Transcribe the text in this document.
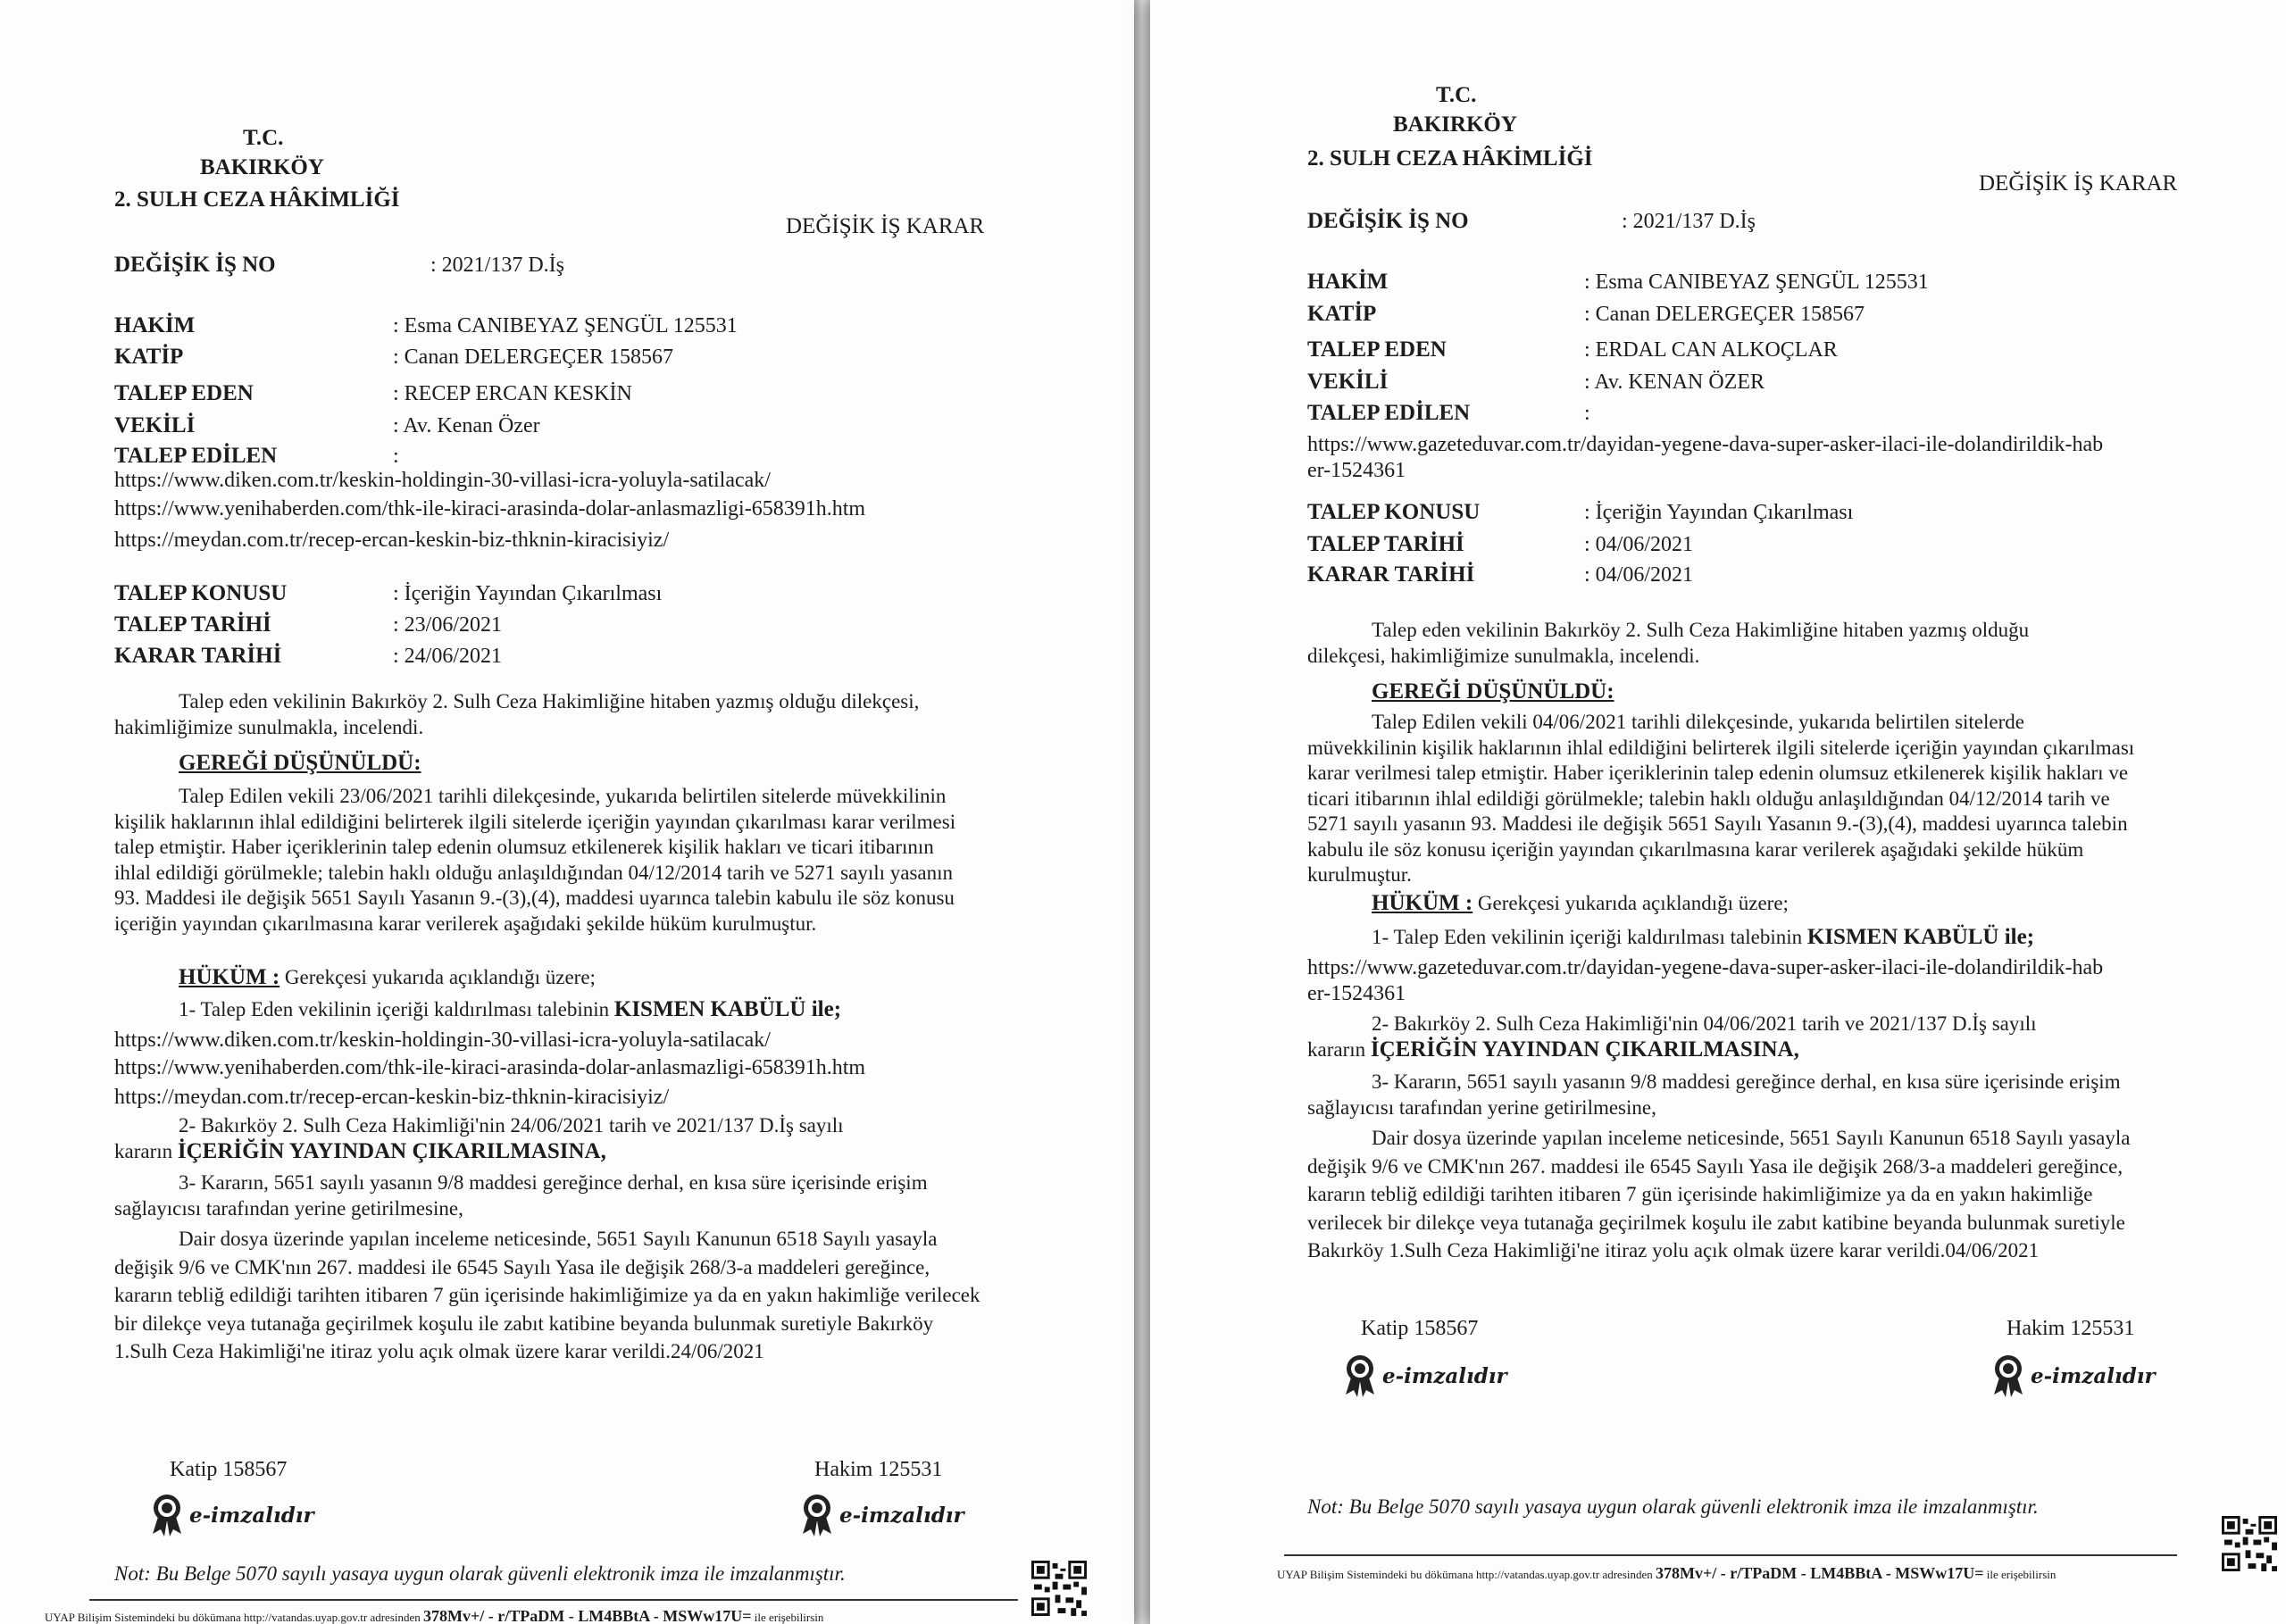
T.C.
BAKIRKÖY
2. SULH CEZA HÂKİMLİĞİ
DEĞİŞİK İŞ KARAR
DEĞİŞİK İŞ NO	: 2021/137 D.İş
HAKİM	: Esma CANIBEYAZ ŞENGÜL 125531
KATİP	: Canan DELERGEÇER 158567
TALEP EDEN	: RECEP ERCAN KESKİN
VEKİLİ	: Av. Kenan Özer
TALEP EDİLEN	:
https://www.diken.com.tr/keskin-holdingin-30-villasi-icra-yoluyla-satilacak/
https://www.yenihaberden.com/thk-ile-kiraci-arasinda-dolar-anlasmazligi-658391h.htm
https://meydan.com.tr/recep-ercan-keskin-biz-thknin-kiracisiyiz/
TALEP KONUSU	: İçeriğin Yayından Çıkarılması
TALEP TARİHİ	: 23/06/2021
KARAR TARİHİ	: 24/06/2021
Talep eden vekilinin Bakırköy 2. Sulh Ceza Hakimliğine hitaben yazmış olduğu dilekçesi, hakimliğimize sunulmakla, incelendi.
GEREĞİ DÜŞÜNÜLDÜ:
Talep Edilen vekili 23/06/2021 tarihli dilekçesinde, yukarıda belirtilen sitelerde müvekkilinin kişilik haklarının ihlal edildiğini belirterek ilgili sitelerde içeriğin yayından çıkarılması karar verilmesi talep etmiştir. Haber içeriklerinin talep edenin olumsuz etkilenerek kişilik hakları ve ticari itibarının ihlal edildiği görülmekle; talebin haklı olduğu anlaşıldığından 04/12/2014 tarih ve 5271 sayılı yasanın 93. Maddesi ile değişik 5651 Sayılı Yasanın 9.-(3),(4), maddesi uyarınca talebin kabulu ile söz konusu içeriğin yayından çıkarılmasına karar verilerek aşağıdaki şekilde hüküm kurulmuştur.
HÜKÜM : Gerekçesi yukarıda açıklandığı üzere;
1- Talep Eden vekilinin içeriği kaldırılması talebinin KISMEN KABÜLÜ ile;
https://www.diken.com.tr/keskin-holdingin-30-villasi-icra-yoluyla-satilacak/
https://www.yenihaberden.com/thk-ile-kiraci-arasinda-dolar-anlasmazligi-658391h.htm
https://meydan.com.tr/recep-ercan-keskin-biz-thknin-kiracisiyiz/
2- Bakırköy 2. Sulh Ceza Hakimliği'nin 24/06/2021 tarih ve 2021/137 D.İş sayılı
kararın İÇERİĞİN YAYINDAN ÇIKARILMASINA,
3- Kararın, 5651 sayılı yasanın 9/8 maddesi gereğince derhal, en kısa süre içerisinde erişim sağlayıcısı tarafından yerine getirilmesine,
Dair dosya üzerinde yapılan inceleme neticesinde, 5651 Sayılı Kanunun 6518 Sayılı yasayla değişik 9/6 ve CMK'nın 267. maddesi ile 6545 Sayılı Yasa ile değişik 268/3-a maddeleri gereğince, kararın tebliğ edildiği tarihten itibaren 7 gün içerisinde hakimliğimize ya da en yakın hakimliğe verilecek bir dilekçe veya tutanağa geçirilmek koşulu ile zabıt katibine beyanda bulunmak suretiyle Bakırköy 1.Sulh Ceza Hakimliği'ne itiraz yolu açık olmak üzere karar verildi.24/06/2021
Katip 158567	Hakim 125531
e-imzalıdır	e-imzalıdır
Not: Bu Belge 5070 sayılı yasaya uygun olarak güvenli elektronik imza ile imzalanmıştır.
UYAP Bilişim Sistemindeki bu dökümana http://vatandas.uyap.gov.tr adresinden 378Mv+/ - r/TPaDM - LM4BBtA - MSWw17U= ile erişebilirsin
T.C.
BAKIRKÖY
2. SULH CEZA HÂKİMLİĞİ
DEĞİŞİK İŞ KARAR
DEĞİŞİK İŞ NO	: 2021/137 D.İş
HAKİM	: Esma CANIBEYAZ ŞENGÜL 125531
KATİP	: Canan DELERGEÇER 158567
TALEP EDEN	: ERDAL CAN ALKOÇLAR
VEKİLİ	: Av. KENAN ÖZER
TALEP EDİLEN	:
https://www.gazeteduvar.com.tr/dayidan-yegene-dava-super-asker-ilaci-ile-dolandirildik-hab
er-1524361
TALEP KONUSU	: İçeriğin Yayından Çıkarılması
TALEP TARİHİ	: 04/06/2021
KARAR TARİHİ	: 04/06/2021
Talep eden vekilinin Bakırköy 2. Sulh Ceza Hakimliğine hitaben yazmış olduğu dilekçesi, hakimliğimize sunulmakla, incelendi.
GEREĞİ DÜŞÜNÜLDÜ:
Talep Edilen vekili 04/06/2021 tarihli dilekçesinde, yukarıda belirtilen sitelerde müvekkilinin kişilik haklarının ihlal edildiğini belirterek ilgili sitelerde içeriğin yayından çıkarılması karar verilmesi talep etmiştir. Haber içeriklerinin talep edenin olumsuz etkilenerek kişilik hakları ve ticari itibarının ihlal edildiği görülmekle; talebin haklı olduğu anlaşıldığından 04/12/2014 tarih ve 5271 sayılı yasanın 93. Maddesi ile değişik 5651 Sayılı Yasanın 9.-(3),(4), maddesi uyarınca talebin kabulu ile söz konusu içeriğin yayından çıkarılmasına karar verilerek aşağıdaki şekilde hüküm kurulmuştur.
HÜKÜM : Gerekçesi yukarıda açıklandığı üzere;
1- Talep Eden vekilinin içeriği kaldırılması talebinin KISMEN KABÜLÜ ile;
https://www.gazeteduvar.com.tr/dayidan-yegene-dava-super-asker-ilaci-ile-dolandirildik-hab
er-1524361
2- Bakırköy 2. Sulh Ceza Hakimliği'nin 04/06/2021 tarih ve 2021/137 D.İş sayılı
kararın İÇERİĞİN YAYINDAN ÇIKARILMASINA,
3- Kararın, 5651 sayılı yasanın 9/8 maddesi gereğince derhal, en kısa süre içerisinde erişim sağlayıcısı tarafından yerine getirilmesine,
Dair dosya üzerinde yapılan inceleme neticesinde, 5651 Sayılı Kanunun 6518 Sayılı yasayla değişik 9/6 ve CMK'nın 267. maddesi ile 6545 Sayılı Yasa ile değişik 268/3-a maddeleri gereğince, kararın tebliğ edildiği tarihten itibaren 7 gün içerisinde hakimliğimize ya da en yakın hakimliğe verilecek bir dilekçe veya tutanağa geçirilmek koşulu ile zabıt katibine beyanda bulunmak suretiyle Bakırköy 1.Sulh Ceza Hakimliği'ne itiraz yolu açık olmak üzere karar verildi.04/06/2021
Katip 158567	Hakim 125531
e-imzalıdır	e-imzalıdır
Not: Bu Belge 5070 sayılı yasaya uygun olarak güvenli elektronik imza ile imzalanmıştır.
UYAP Bilişim Sistemindeki bu dökümana http://vatandas.uyap.gov.tr adresinden 378Mv+/ - r/TPaDM - LM4BBtA - MSWw17U= ile erişebilirsin
